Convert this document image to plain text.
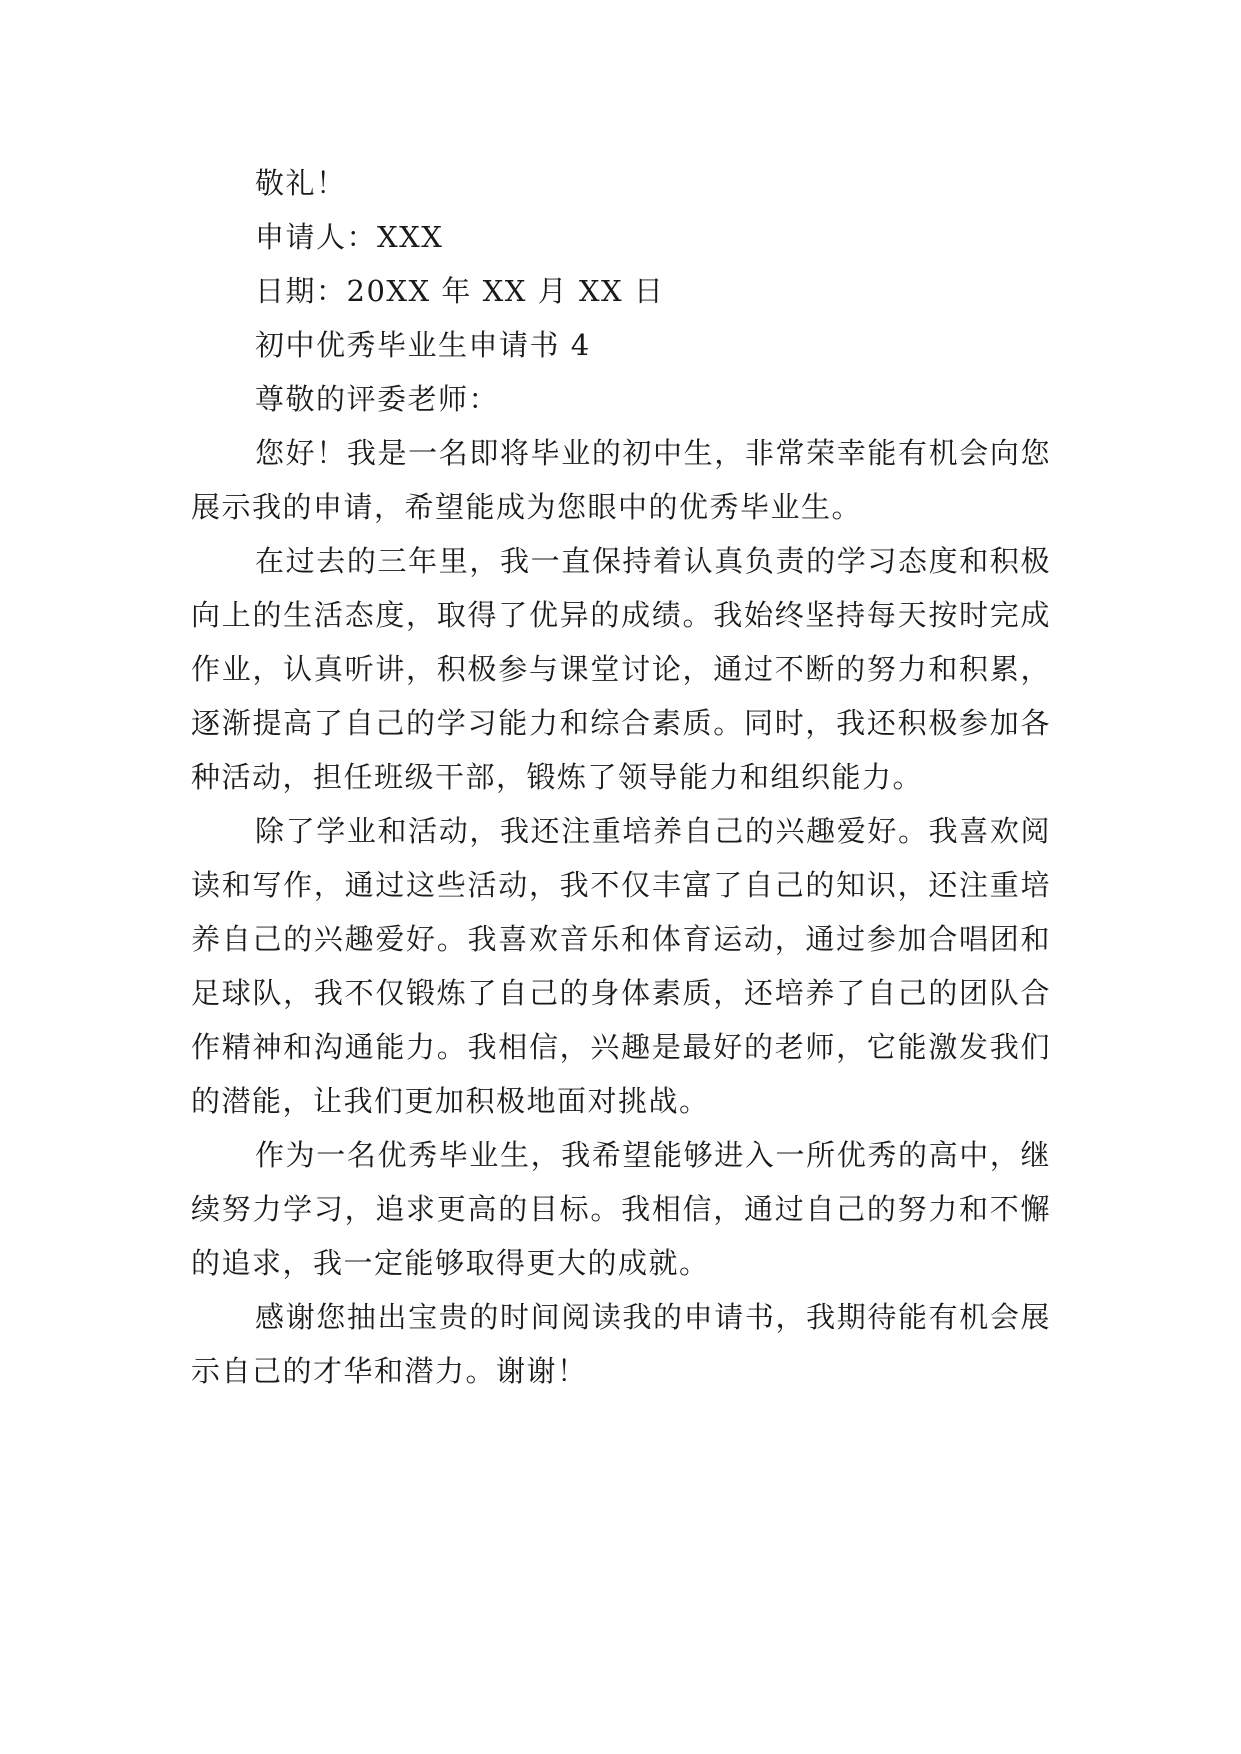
敬礼！

申请人：XXX

日期：20XX 年 XX 月 XX 日

初中优秀毕业生申请书 4

尊敬的评委老师：

您好！我是一名即将毕业的初中生，非常荣幸能有机会向您展示我的申请，希望能成为您眼中的优秀毕业生。

在过去的三年里，我一直保持着认真负责的学习态度和积极向上的生活态度，取得了优异的成绩。我始终坚持每天按时完成作业，认真听讲，积极参与课堂讨论，通过不断的努力和积累，逐渐提高了自己的学习能力和综合素质。同时，我还积极参加各种活动，担任班级干部，锻炼了领导能力和组织能力。

除了学业和活动，我还注重培养自己的兴趣爱好。我喜欢阅读和写作，通过这些活动，我不仅丰富了自己的知识，还注重培养自己的兴趣爱好。我喜欢音乐和体育运动，通过参加合唱团和足球队，我不仅锻炼了自己的身体素质，还培养了自己的团队合作精神和沟通能力。我相信，兴趣是最好的老师，它能激发我们的潜能，让我们更加积极地面对挑战。

作为一名优秀毕业生，我希望能够进入一所优秀的高中，继续努力学习，追求更高的目标。我相信，通过自己的努力和不懈的追求，我一定能够取得更大的成就。

感谢您抽出宝贵的时间阅读我的申请书，我期待能有机会展示自己的才华和潜力。谢谢！
